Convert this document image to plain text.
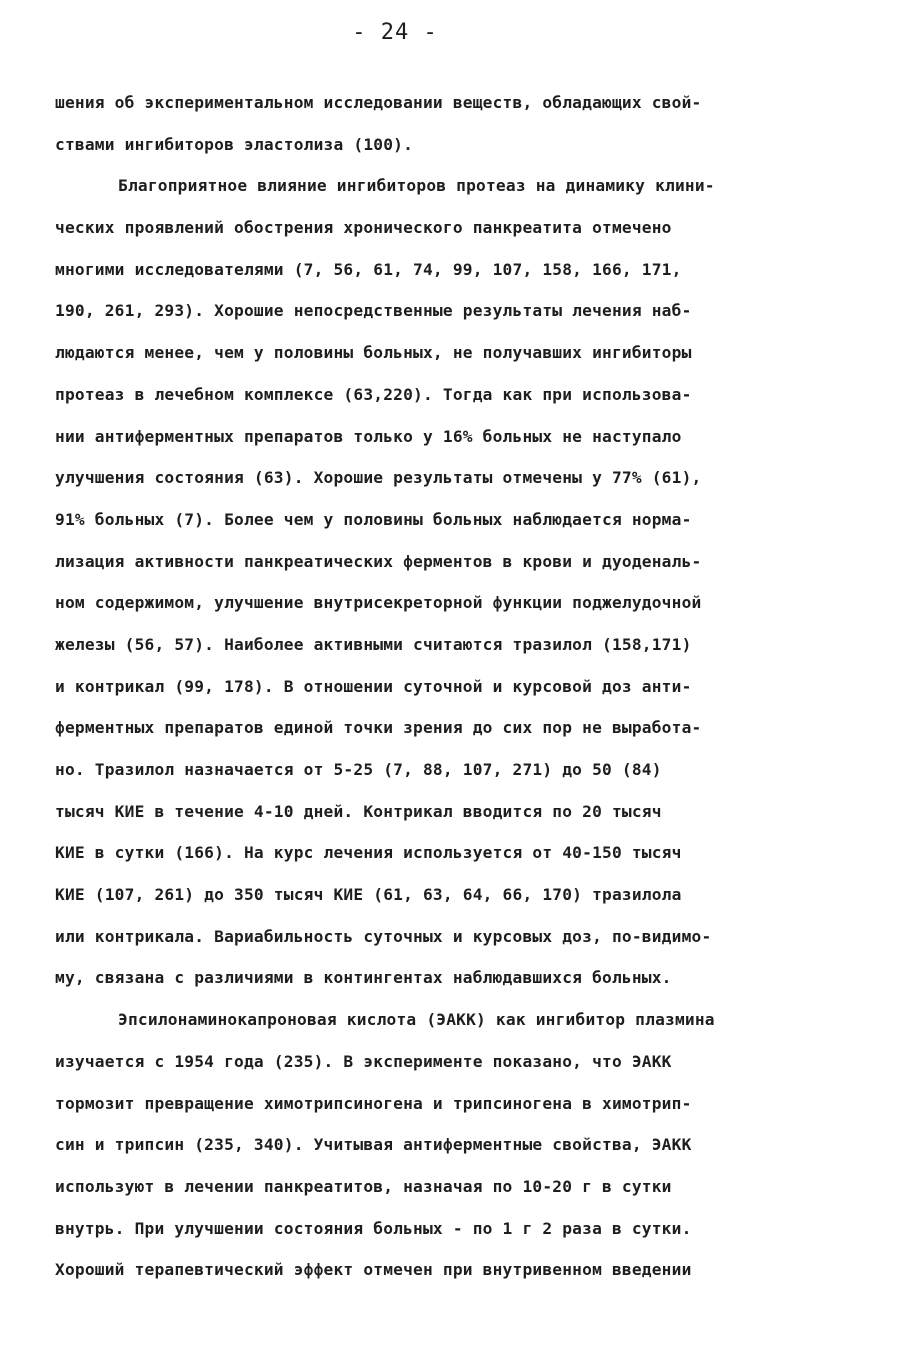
- 24 -
шения об экспериментальном исследовании веществ, обладающих свой-
ствами ингибиторов эластолиза (100).
Благоприятное влияние ингибиторов протеаз на динамику клини-
ческих проявлений обострения хронического панкреатита отмечено
многими исследователями (7, 56, 61, 74, 99, 107, 158, 166, 171,
190, 261, 293). Хорошие непосредственные результаты лечения наб-
людаются менее, чем у половины больных, не получавших ингибиторы
протеаз в лечебном комплексе (63,220). Тогда как при использова-
нии антиферментных препаратов только у 16% больных не наступало
улучшения состояния (63). Хорошие результаты отмечены у 77% (61),
91% больных (7). Более чем у половины больных наблюдается норма-
лизация активности панкреатических ферментов в крови и дуоденаль-
ном содержимом, улучшение внутрисекреторной функции поджелудочной
железы (56, 57). Наиболее активными считаются тразилол (158,171)
и контрикал (99, 178). В отношении суточной и курсовой доз анти-
ферментных препаратов единой точки зрения до сих пор не выработа-
но. Тразилол назначается от 5-25 (7, 88, 107, 271) до 50 (84)
тысяч КИЕ в течение 4-10 дней. Контрикал вводится по 20 тысяч
КИЕ в сутки (166). На курс лечения используется от 40-150 тысяч
КИЕ (107, 261) до 350 тысяч КИЕ (61, 63, 64, 66, 170) тразилола
или контрикала. Вариабильность суточных и курсовых доз, по-видимо-
му, связана с различиями в контингентах наблюдавшихся больных.
Эпсилонаминокапроновая кислота (ЭАКК) как ингибитор плазмина
изучается с 1954 года (235). В эксперименте показано, что ЭАКК
тормозит превращение химотрипсиногена и трипсиногена в химотрип-
син и трипсин (235, 340). Учитывая антиферментные свойства, ЭАКК
используют в лечении панкреатитов, назначая по 10-20 г в сутки
внутрь. При улучшении состояния больных - по 1 г 2 раза в сутки.
Хороший терапевтический эффект отмечен при внутривенном введении
